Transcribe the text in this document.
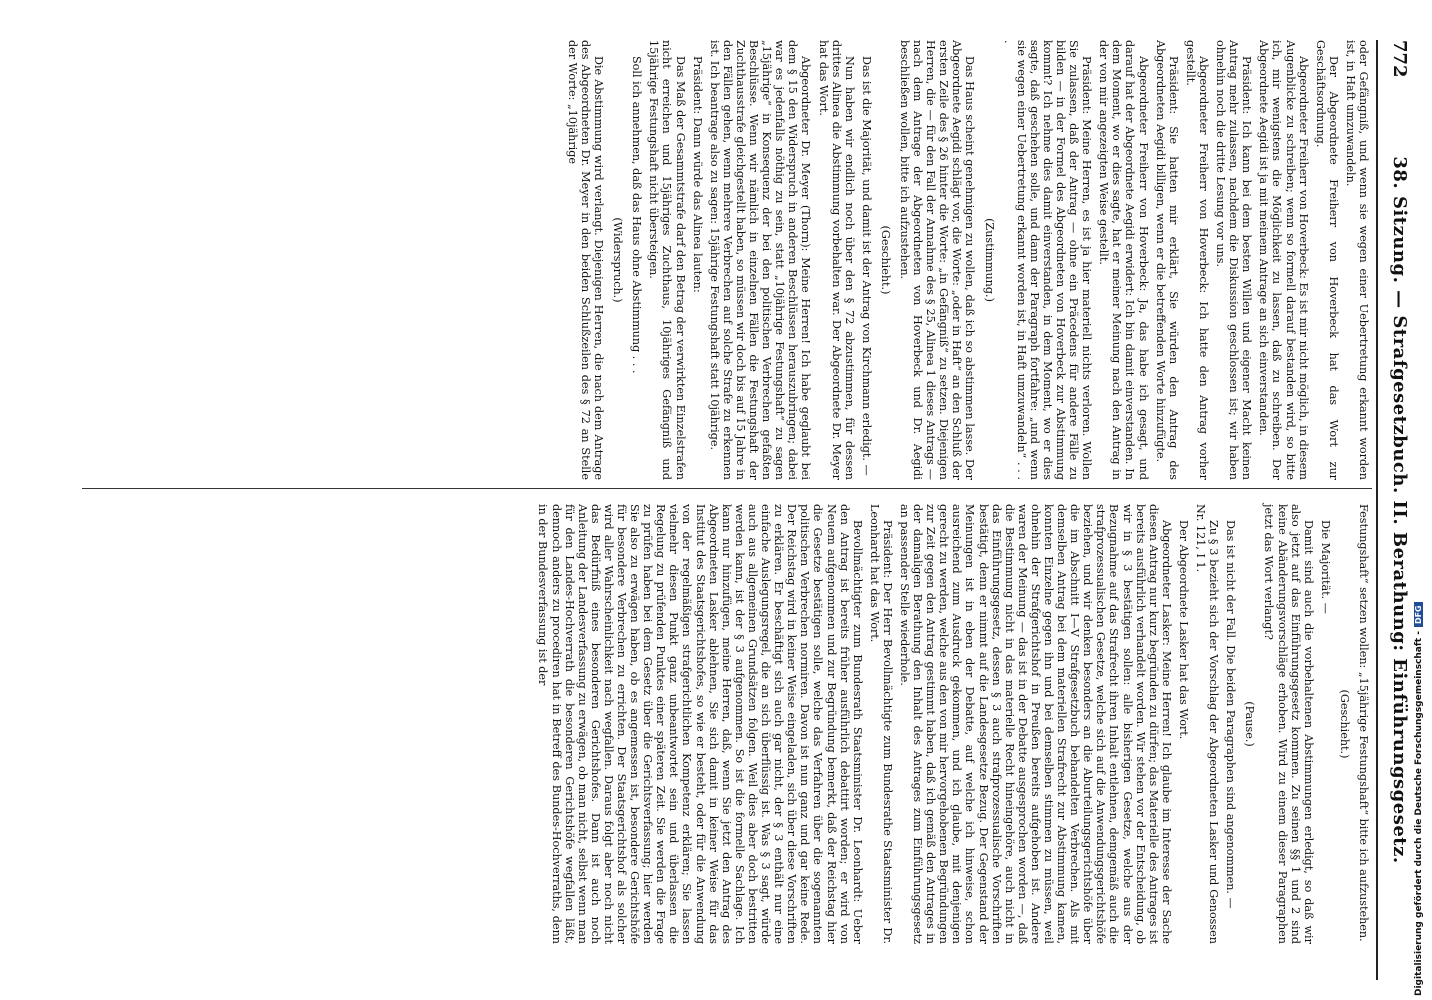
772
38. Sitzung. — Strafgesetzbuch. II. Berathung: Einführungsgesetz.

oder Gefängniß, und wenn sie wegen einer Uebertretung erkannt worden ist, in Haft umzuwandeln.

Der Abgeordnete Freiherr von Hoverbeck hat das Wort zur Geschäftsordnung.

Abgeordneter Freiherr von Hoverbeck: Es ist mir nicht möglich, in diesem Augenblicke zu schreiben; wenn so formell darauf bestanden wird, so bitte ich, mir wenigstens die Möglichkeit zu lassen, daß zu schreiben. Der Abgeordnete Aegidi ist ja mit meinem Antrage an sich einverstanden.

Präsident: Ich kann bei dem besten Willen und eigener Macht keinen Antrag mehr zulassen, nachdem die Diskussion geschlossen ist; wir haben ohnehin noch die dritte Lesung vor uns.

Abgeordneter Freiherr von Hoverbeck: Ich hatte den Antrag vorher gestellt.

Präsident: Sie hatten mir erklärt, Sie würden den Antrag des Abgeordneten Aegidi billigen, wenn er die betreffenden Worte hinzufügte.

Abgeordneter Freiherr von Hoverbeck: Ja, das habe ich gesagt, und darauf hat der Abgeordnete Aegidi erwidert: Ich bin damit einverstanden. In dem Moment, wo er dies sagte, hat er meiner Meinung nach den Antrag in der von mir angezeigten Weise gestellt.

Präsident: Meine Herren, es ist ja hier materiell nichts verloren. Wollen Sie zulassen, daß der Antrag — ohne ein Präcedens für andere Fälle zu bilden — in der Formel des Abgeordneten von Hoverbeck zur Abstimmung kommt? Ich nehme dies damit einverstanden, in dem Moment, wo er dies sagte, daß geschehen solle, und dann der Paragraph fortfahre: „und wenn sie wegen einer Uebertretung erkannt worden ist, in Haft umzuwandeln“ . . . .

(Zustimmung.)

Das Haus scheint genehmigen zu wollen, daß ich so abstimmen lasse. Der Abgeordnete Aegidi schlägt vor, die Worte: „oder in Haft“ an den Schluß der ersten Zeile des § 26 hinter die Worte: „in Gefängniß“ zu setzen. Diejenigen Herren, die — für den Fall der Annahme des § 25, Alinea 1 dieses Antrags — nach dem Antrage der Abgeordneten von Hoverbeck und Dr. Aegidi beschließen wollen, bitte ich aufzustehen.

(Geschieht.)

Das ist die Majorität, und damit ist der Antrag von Kirchmann erledigt. —

Nun haben wir endlich noch über den § 72 abzustimmen, für dessen drittes Alinea die Abstimmung vorbehalten war. Der Abgeordnete Dr. Meyer hat das Wort.

Abgeordneter Dr. Meyer (Thorn): Meine Herren! Ich habe geglaubt bei dem § 15 den Widerspruch in anderen Beschlüssen herauszubringen; dabei war es jedenfalls nöthig zu sein, statt „10jährige Festungshaft“ zu sagen „15jährige“ in Konsequenz der bei den politischen Verbrechen gefaßten Beschlüsse. Wenn wir nämlich in einzelnen Fällen die Festungshaft der Zuchthausstrafe gleichgestellt haben, so müssen wir doch bis auf 15 Jahre in den Fällen gehen, wenn mehrere Verbrechen auf solche Strafe zu erkennen ist. Ich beantrage also zu sagen: 15jährige Festungshaft statt 10jährige.

Präsident: Dann würde das Alinea lauten:

Das Maß der Gesammtstrafe darf den Betrag der verwirkten Einzelstrafen nicht erreichen und 15jähriges Zuchthaus, 10jähriges Gefängniß und 15jährige Festungshaft nicht übersteigen.

Soll ich annehmen, daß das Haus ohne Abstimmung . . .

(Widerspruch.)

Die Abstimmung wird verlangt. Diejenigen Herren, die nach dem Antrage des Abgeordneten Dr. Meyer in den beiden Schlußzeilen des § 72 an Stelle der Worte: „10jährige

Festungshaft“ setzen wollen: „15jährige Festungshaft“ bitte ich aufzustehen.

(Geschieht.)

Die Majorität. —

Damit sind auch die vorbehaltenen Abstimmungen erledigt, so daß wir also jetzt auf das Einführungsgesetz kommen. Zu seinen §§ 1 und 2 sind keine Abänderungsvorschläge erhoben. Wird zu einem dieser Paragraphen jetzt das Wort verlangt?

(Pause.)

Das ist nicht der Fall. Die beiden Paragraphen sind angenommen. —

Zu § 3 bezieht sich der Vorschlag der Abgeordneten Lasker und Genossen Nr. 121, I 1.

Der Abgeordnete Lasker hat das Wort.

Abgeordneter Lasker: Meine Herren! Ich glaube im Interesse der Sache diesen Antrag nur kurz begründen zu dürfen; das Materielle des Antrages ist bereits ausführlich verhandelt worden. Wir stehen vor der Entscheidung, ob wir in § 3 bestätigen sollen: alle bisherigen Gesetze, welche aus der Bezugnahme auf das Strafrecht ihren Inhalt entlehnen, demgemäß auch die strafprozessualischen Gesetze, welche sich auf die Anwendungsgerichtshöfe beziehen, und wir denken besonders an die Aburteilungsgerichtshöfe über die im Abschnitt I—V Strafgesetzbuch behandelten Verbrechen. Als mit demselben Antrag bei dem materiellen Strafrecht zur Abstimmung kamen, konnten Einzelne gegen ihn und bei demselben stimmen zu müssen, weil ohnehin der Strafgerichtshof in Preußen bereits aufgehoben ist. Andere waren der Meinung — das ist in der Debatte ausgesprochen worden —, daß die Bestimmung nicht in das materielle Recht hineingehöre, auch nicht in das Einführungsgesetz, dessen § 3 auch strafprozessualische Vorschriften bestätigt, denn er nimmt auf die Landesgesetze Bezug. Der Gegenstand der Meinungen ist in eben der Debatte, auf welche ich hinweise, schon ausreichend zum Ausdruck gekommen, und ich glaube, mit denjenigen gerecht zu werden, welche aus den von mir hervorgehobenen Begründungen zur Zeit gegen den Antrag gestimmt haben, daß ich gemäß den Antrages in der damaligen Berathung den Inhalt des Antrages zum Einführungsgesetz an passender Stelle wiederhole.

Präsident: Der Herr Bevollmächtigte zum Bundesrathe Staatsminister Dr. Leonhardt hat das Wort.

Bevollmächtigter zum Bundesrath Staatsminister Dr. Leonhardt: Ueber den Antrag ist bereits früher ausführlich debattirt worden; er wird von Neuem aufgenommen und zur Begründung bemerkt, daß der Reichstag hier die Gesetze bestätigen solle, welche das Verfahren über die sogenannten politischen Verbrechen normiren. Davon ist nun ganz und gar keine Rede. Der Reichstag wird in keiner Weise eingeladen, sich über diese Vorschriften zu erklären. Er beschäftigt sich auch gar nicht, der § 3 enthält nur eine einfache Auslegungsregel, die an sich überflüssig ist. Was § 3 sagt, würde auch aus allgemeinen Grundsätzen folgen. Weil dies aber doch bestritten werden kann, ist der § 3 aufgenommen. So ist die formelle Sachlage. Ich kann nur hinzufügen, meine Herren, daß, wenn Sie jetzt den Antrag des Abgeordneten Lasker ablehnen, Sie sich damit in keiner Weise für das Institut des Staatsgerichtshofes, so wie er besteht, oder für die Anwendung von der regelmäßigen strafgerichtlichen Kompetenz erklären; Sie lassen vielmehr diesen Punkt ganz unbeantwortet sein und überlassen die Regelung zu prüfenden Punktes einer späteren Zeit. Sie werden die Frage zu prüfen haben bei dem Gesetz über die Gerichtsverfassung; hier werden Sie also zu erwägen haben, ob es angemessen ist, besondere Gerichtshöfe für besondere Verbrechen zu errichten. Der Staatsgerichtshof als solcher wird aller Wahrscheinlichkeit nach wegfallen. Daraus folgt aber noch nicht das Bedürfniß eines besonderen Gerichtshofes. Dann ist auch noch Anleitung der Landesverfassung zu erwägen, ob man nicht, selbst wenn man für den Landes-Hochverrath die besonderen Gerichtshöfe wegfallen läßt, dennoch anders zu procediren hat in Betreff des Bundes-Hochverraths, denn in der Bundesverfassung ist der

Digitalisierung gefördert durch die Deutsche Forschungsgemeinschaft -DFG
